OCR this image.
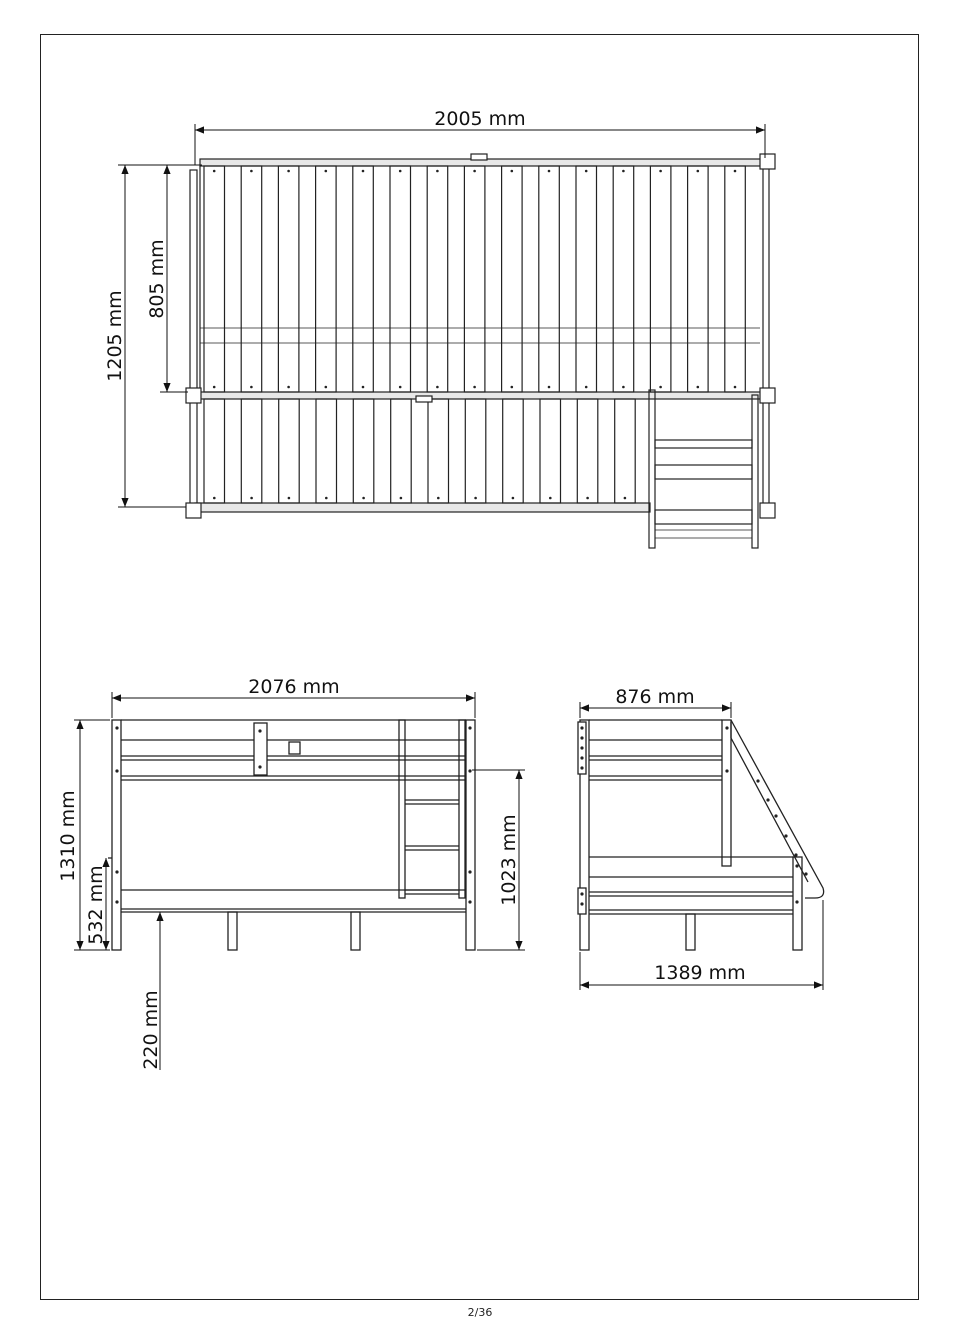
2005 mm
1205 mm
805 mm
2076 mm
1310 mm
532 mm	1023 mm
220 mm
876 mm
1389 mm
2/36
